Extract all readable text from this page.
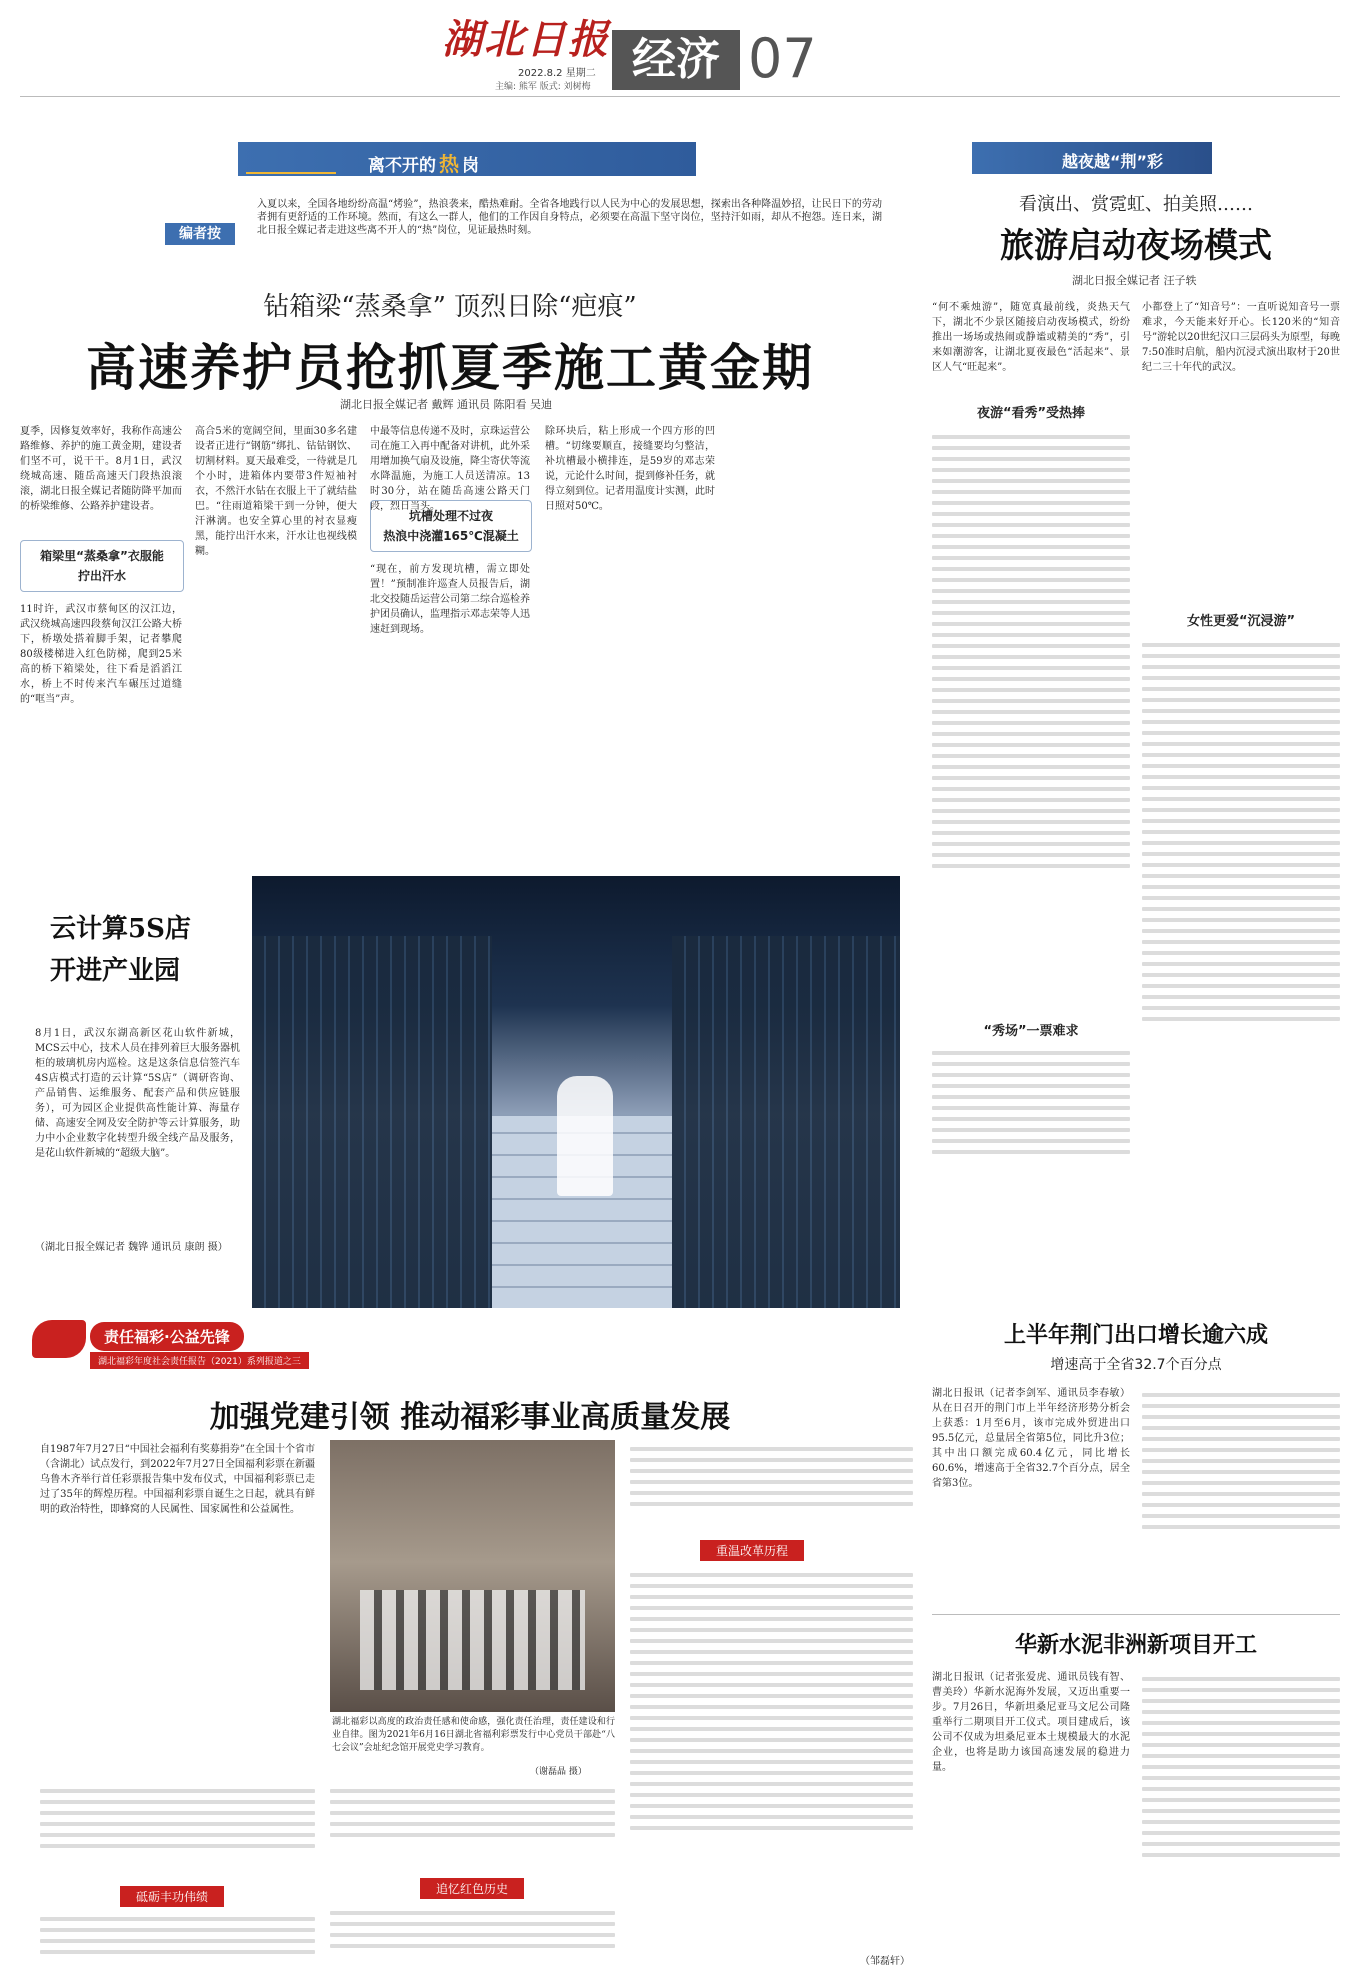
湖北日报
2022.8.2 星期二
主编: 熊军 版式: 刘树梅
经济 07
离不开的 热 岗
编者按
入夏以来，全国各地纷纷高温“烤验”，热浪袭来，酷热难耐。全省各地践行以人民为中心的发展思想，探索出各种降温妙招，让民日下的劳动者拥有更舒适的工作环境。然而，有这么一群人，他们的工作因自身特点，必须要在高温下坚守岗位，坚持汗如雨，却从不抱怨。连日来，湖北日报全媒记者走进这些离不开人的“热”岗位，见证最热时刻。
钻箱梁“蒸桑拿” 顶烈日除“疤痕”
高速养护员抢抓夏季施工黄金期
湖北日报全媒记者 戴辉 通讯员 陈阳看 吴迪
夏季，因修复效率好，我称作高速公路维修、养护的施工黄金期，建设者们坚不可，说干干。8月1日，武汉绕城高速、随岳高速天门段热浪滚滚，湖北日报全媒记者随防降平加而的桥梁维修、公路养护建设者。
箱梁里“蒸桑拿”衣服能拧出汗水
11时许，武汉市蔡甸区的汉江边，武汉绕城高速四段蔡甸汉江公路大桥下，桥墩处搭着脚手架，记者攀爬80级楼梯进入红色防梯，爬到25米高的桥下箱梁处，往下看是滔滔江水，桥上不时传来汽车碾压过道缝的“哐当”声。
高合5米的宽阔空间，里面30多名建设者正进行“钢筋”绑扎、钻钻钢饮、切割材料。夏天最难受，一待就是几个小时，进箱体内要带3件短袖衬衣，不然汗水钻在衣服上干了就结盐巴。“往雨道箱梁干到一分钟，便大汗淋漓。也安全算心里的衬衣显瘦黑，能拧出汗水来，汗水让也视线模糊。
中最等信息传递不及时，京珠运营公司在施工入再中配备对讲机，此外采用增加换气扇及设施，降尘寄伏等流水降温施，为施工人员送清凉。13时30分，站在随岳高速公路天门段，烈日当头。
坑槽处理不过夜
热浪中浇灌165℃混凝土
“现在，前方发现坑槽，需立即处置！”预制准许巡查人员报告后，湖北交投随岳运营公司第二综合巡检养护团员确认，监理指示邓志荣等人迅速赶到现场。
除环块后，粘上形成一个四方形的凹槽。“切缘要顺直，接缝要均匀整洁，补坑槽最小横排连，是59岁的邓志荣说，元论什么时间，提到修补任务，就得立刻到位。记者用温度计实测，此时日照对50℃。
云计算5S店
开进产业园
8月1日，武汉东湖高新区花山软件新城，MCS云中心，技术人员在排列着巨大服务器机柜的玻璃机房内巡检。这是这条信息信签汽车4S店模式打造的云计算“5S店”（调研咨询、产品销售、运维服务、配套产品和供应链服务），可为园区企业提供高性能计算、海量存储、高速安全网及安全防护等云计算服务，助力中小企业数字化转型升级全线产品及服务，是花山软件新城的“超级大脑”。
（湖北日报全媒记者 魏铧 通讯员 康朗 摄）
越夜越“荆”彩
看演出、赏霓虹、拍美照……
旅游启动夜场模式
湖北日报全媒记者 汪子轶
“何不乘烛游”，随宽真最前线，炎热天气下，湖北不少景区随接启动夜场模式，纷纷推出一场场或热闹或静谧或精美的“秀”，引来如潮游客，让湖北夏夜最色“活起来”、景区人气“旺起来”。
夜游“看秀”受热捧
“秀场”一票难求
小都登上了“知音号”：一直听说知音号一票难求，今天能来好开心。长120米的“知音号”游轮以20世纪汉口三层码头为原型，每晚7:50准时启航，船内沉浸式演出取材于20世纪二三十年代的武汉。
女性更爱“沉浸游”
责任福彩·公益先锋
湖北福彩年度社会责任报告（2021）系列报道之三
加强党建引领 推动福彩事业高质量发展
自1987年7月27日“中国社会福利有奖募捐券”在全国十个省市（含湖北）试点发行，到2022年7月27日全国福利彩票在新疆乌鲁木齐举行首任彩票报告集中发布仪式，中国福利彩票已走过了35年的辉煌历程。中国福利彩票自诞生之日起，就具有鲜明的政治特性，即蜂窝的人民属性、国家属性和公益属性。
湖北福彩以高度的政治责任感和使命感，强化责任治理，责任建设和行业自律。图为2021年6月16日湖北省福利彩票发行中心党员干部赴“八七会议”会址纪念馆开展党史学习教育。
（谢磊晶 摄）
重温改革历程
（邹磊轩）
砥砺丰功伟绩
追忆红色历史
上半年荆门出口增长逾六成
增速高于全省32.7个百分点
湖北日报讯（记者李剑军、通讯员李春敏）从在日召开的荆门市上半年经济形势分析会上获悉：1月至6月，该市完成外贸进出口95.5亿元，总量居全省第5位，同比升3位；其中出口额完成60.4亿元，同比增长60.6%，增速高于全省32.7个百分点，居全省第3位。
华新水泥非洲新项目开工
湖北日报讯（记者张爱虎、通讯员钱有智、曹美玲）华新水泥海外发展，又迈出重要一步。7月26日，华新坦桑尼亚马文尼公司隆重举行二期项目开工仪式。项目建成后，该公司不仅成为坦桑尼亚本土规模最大的水泥企业，也将是助力该国高速发展的稳进力量。
